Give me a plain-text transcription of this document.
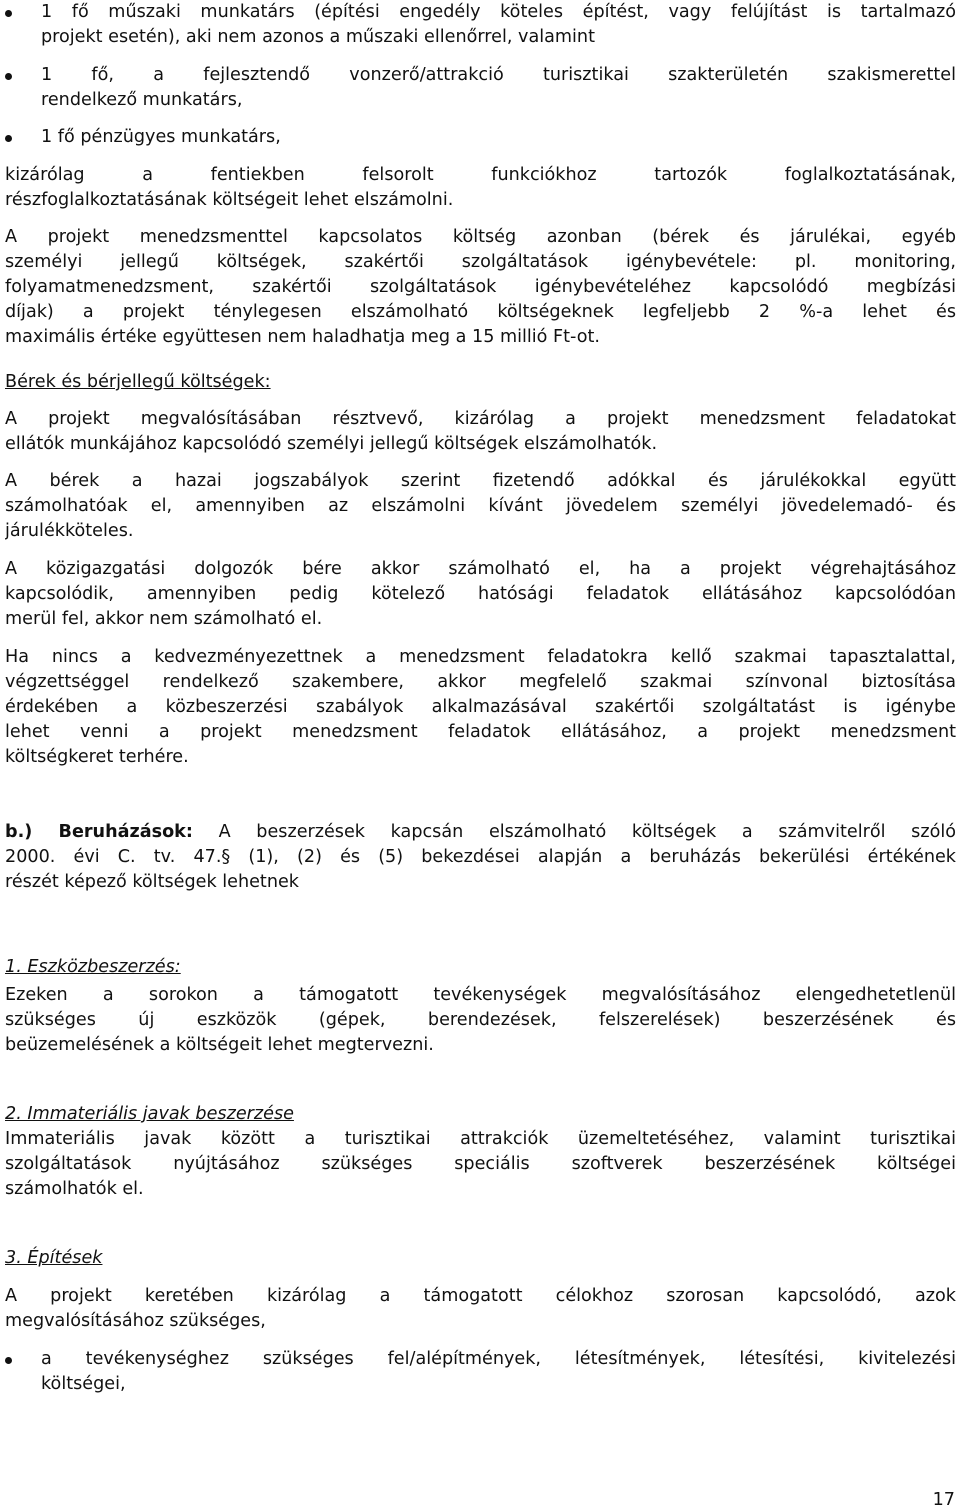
1 fő műszaki munkatárs (építési engedély köteles építést, vagy felújítást is tartalmazó
projekt esetén), aki nem azonos a műszaki ellenőrrel, valamint
1 fő, a fejlesztendő vonzerő/attrakció turisztikai szakterületén szakismerettel
rendelkező munkatárs,
1 fő pénzügyes munkatárs,
kizárólag a fentiekben felsorolt funkciókhoz tartozók foglalkoztatásának,
részfoglalkoztatásának költségeit lehet elszámolni.
A projekt menedzsmenttel kapcsolatos költség azonban (bérek és járulékai, egyéb
személyi jellegű költségek, szakértői szolgáltatások igénybevétele: pl. monitoring,
folyamatmenedzsment, szakértői szolgáltatások igénybevételéhez kapcsolódó megbízási
díjak) a projekt ténylegesen elszámolható költségeknek legfeljebb 2 %-a lehet és
maximális értéke együttesen nem haladhatja meg a 15 millió Ft-ot.
Bérek és bérjellegű költségek:
A projekt megvalósításában résztvevő, kizárólag a projekt menedzsment feladatokat
ellátók munkájához kapcsolódó személyi jellegű költségek elszámolhatók.
A bérek a hazai jogszabályok szerint fizetendő adókkal és járulékokkal együtt
számolhatóak el, amennyiben az elszámolni kívánt jövedelem személyi jövedelemadó- és
járulékköteles.
A közigazgatási dolgozók bére akkor számolható el, ha a projekt végrehajtásához
kapcsolódik, amennyiben pedig kötelező hatósági feladatok ellátásához kapcsolódóan
merül fel, akkor nem számolható el.
Ha nincs a kedvezményezettnek a menedzsment feladatokra kellő szakmai tapasztalattal,
végzettséggel rendelkező szakembere, akkor megfelelő szakmai színvonal biztosítása
érdekében a közbeszerzési szabályok alkalmazásával szakértői szolgáltatást is igénybe
lehet venni a projekt menedzsment feladatok ellátásához, a projekt menedzsment
költségkeret terhére.
b.) Beruházások: A beszerzések kapcsán elszámolható költségek a számvitelről szóló
2000. évi C. tv. 47.§ (1), (2) és (5) bekezdései alapján a beruházás bekerülési értékének
részét képező költségek lehetnek
1. Eszközbeszerzés:
Ezeken a sorokon a támogatott tevékenységek megvalósításához elengedhetetlenül
szükséges új eszközök (gépek, berendezések, felszerelések) beszerzésének és
beüzemelésének a költségeit lehet megtervezni.
2. Immateriális javak beszerzése
Immateriális javak között a turisztikai attrakciók üzemeltetéséhez, valamint turisztikai
szolgáltatások nyújtásához szükséges speciális szoftverek beszerzésének költségei
számolhatók el.
3. Építések
A projekt keretében kizárólag a támogatott célokhoz szorosan kapcsolódó, azok
megvalósításához szükséges,
a tevékenységhez szükséges fel/alépítmények, létesítmények, létesítési, kivitelezési
költségei,
17
